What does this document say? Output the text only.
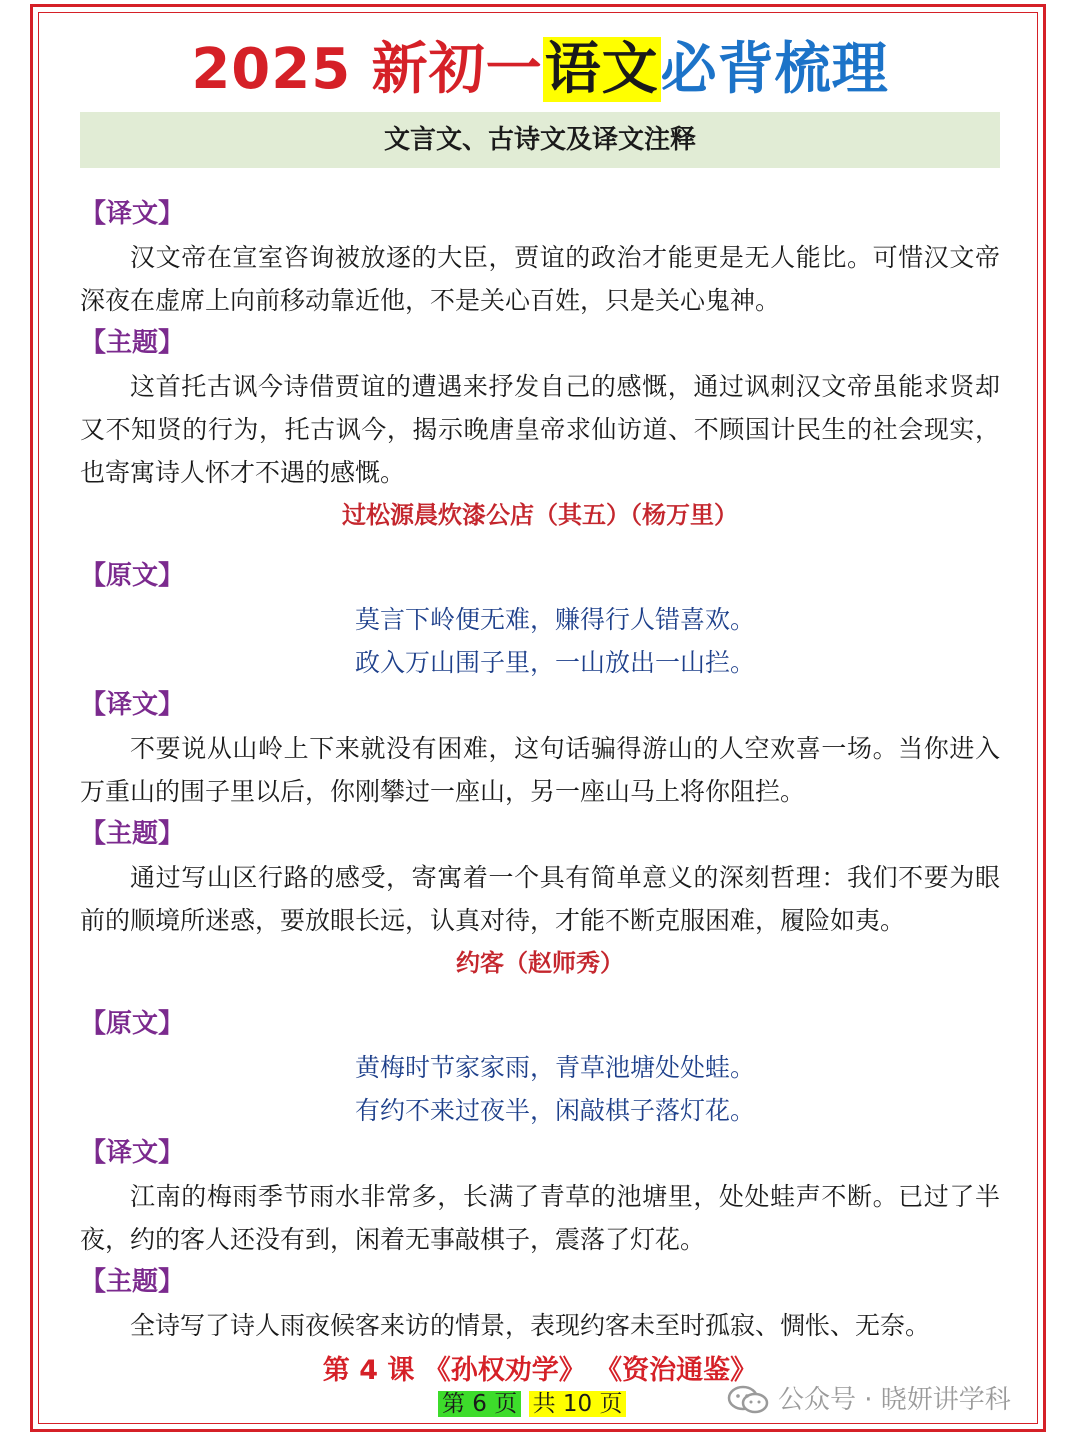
2025 新初一语文必背梳理
文言文、古诗文及译文注释
【译文】

汉文帝在宣室咨询被放逐的大臣，贾谊的政治才能更是无人能比。可惜汉文帝深夜在虚席上向前移动靠近他，不是关心百姓，只是关心鬼神。

【主题】

这首托古讽今诗借贾谊的遭遇来抒发自己的感慨，通过讽刺汉文帝虽能求贤却又不知贤的行为，托古讽今，揭示晚唐皇帝求仙访道、不顾国计民生的社会现实，也寄寓诗人怀才不遇的感慨。

过松源晨炊漆公店（其五）（杨万里）
【原文】
莫言下岭便无难，赚得行人错喜欢。
政入万山围子里，一山放出一山拦。
【译文】

不要说从山岭上下来就没有困难，这句话骗得游山的人空欢喜一场。当你进入万重山的围子里以后，你刚攀过一座山，另一座山马上将你阻拦。

【主题】

通过写山区行路的感受，寄寓着一个具有简单意义的深刻哲理：我们不要为眼前的顺境所迷惑，要放眼长远，认真对待，才能不断克服困难，履险如夷。

约客（赵师秀）
【原文】
黄梅时节家家雨，青草池塘处处蛙。
有约不来过夜半，闲敲棋子落灯花。
【译文】

江南的梅雨季节雨水非常多，长满了青草的池塘里，处处蛙声不断。已过了半夜，约的客人还没有到，闲着无事敲棋子，震落了灯花。

【主题】

全诗写了诗人雨夜候客来访的情景，表现约客未至时孤寂、惆怅、无奈。

第 4 课 《孙权劝学》 《资治通鉴》
第 6 页 共 10 页	公众号 · 晓妍讲学科
